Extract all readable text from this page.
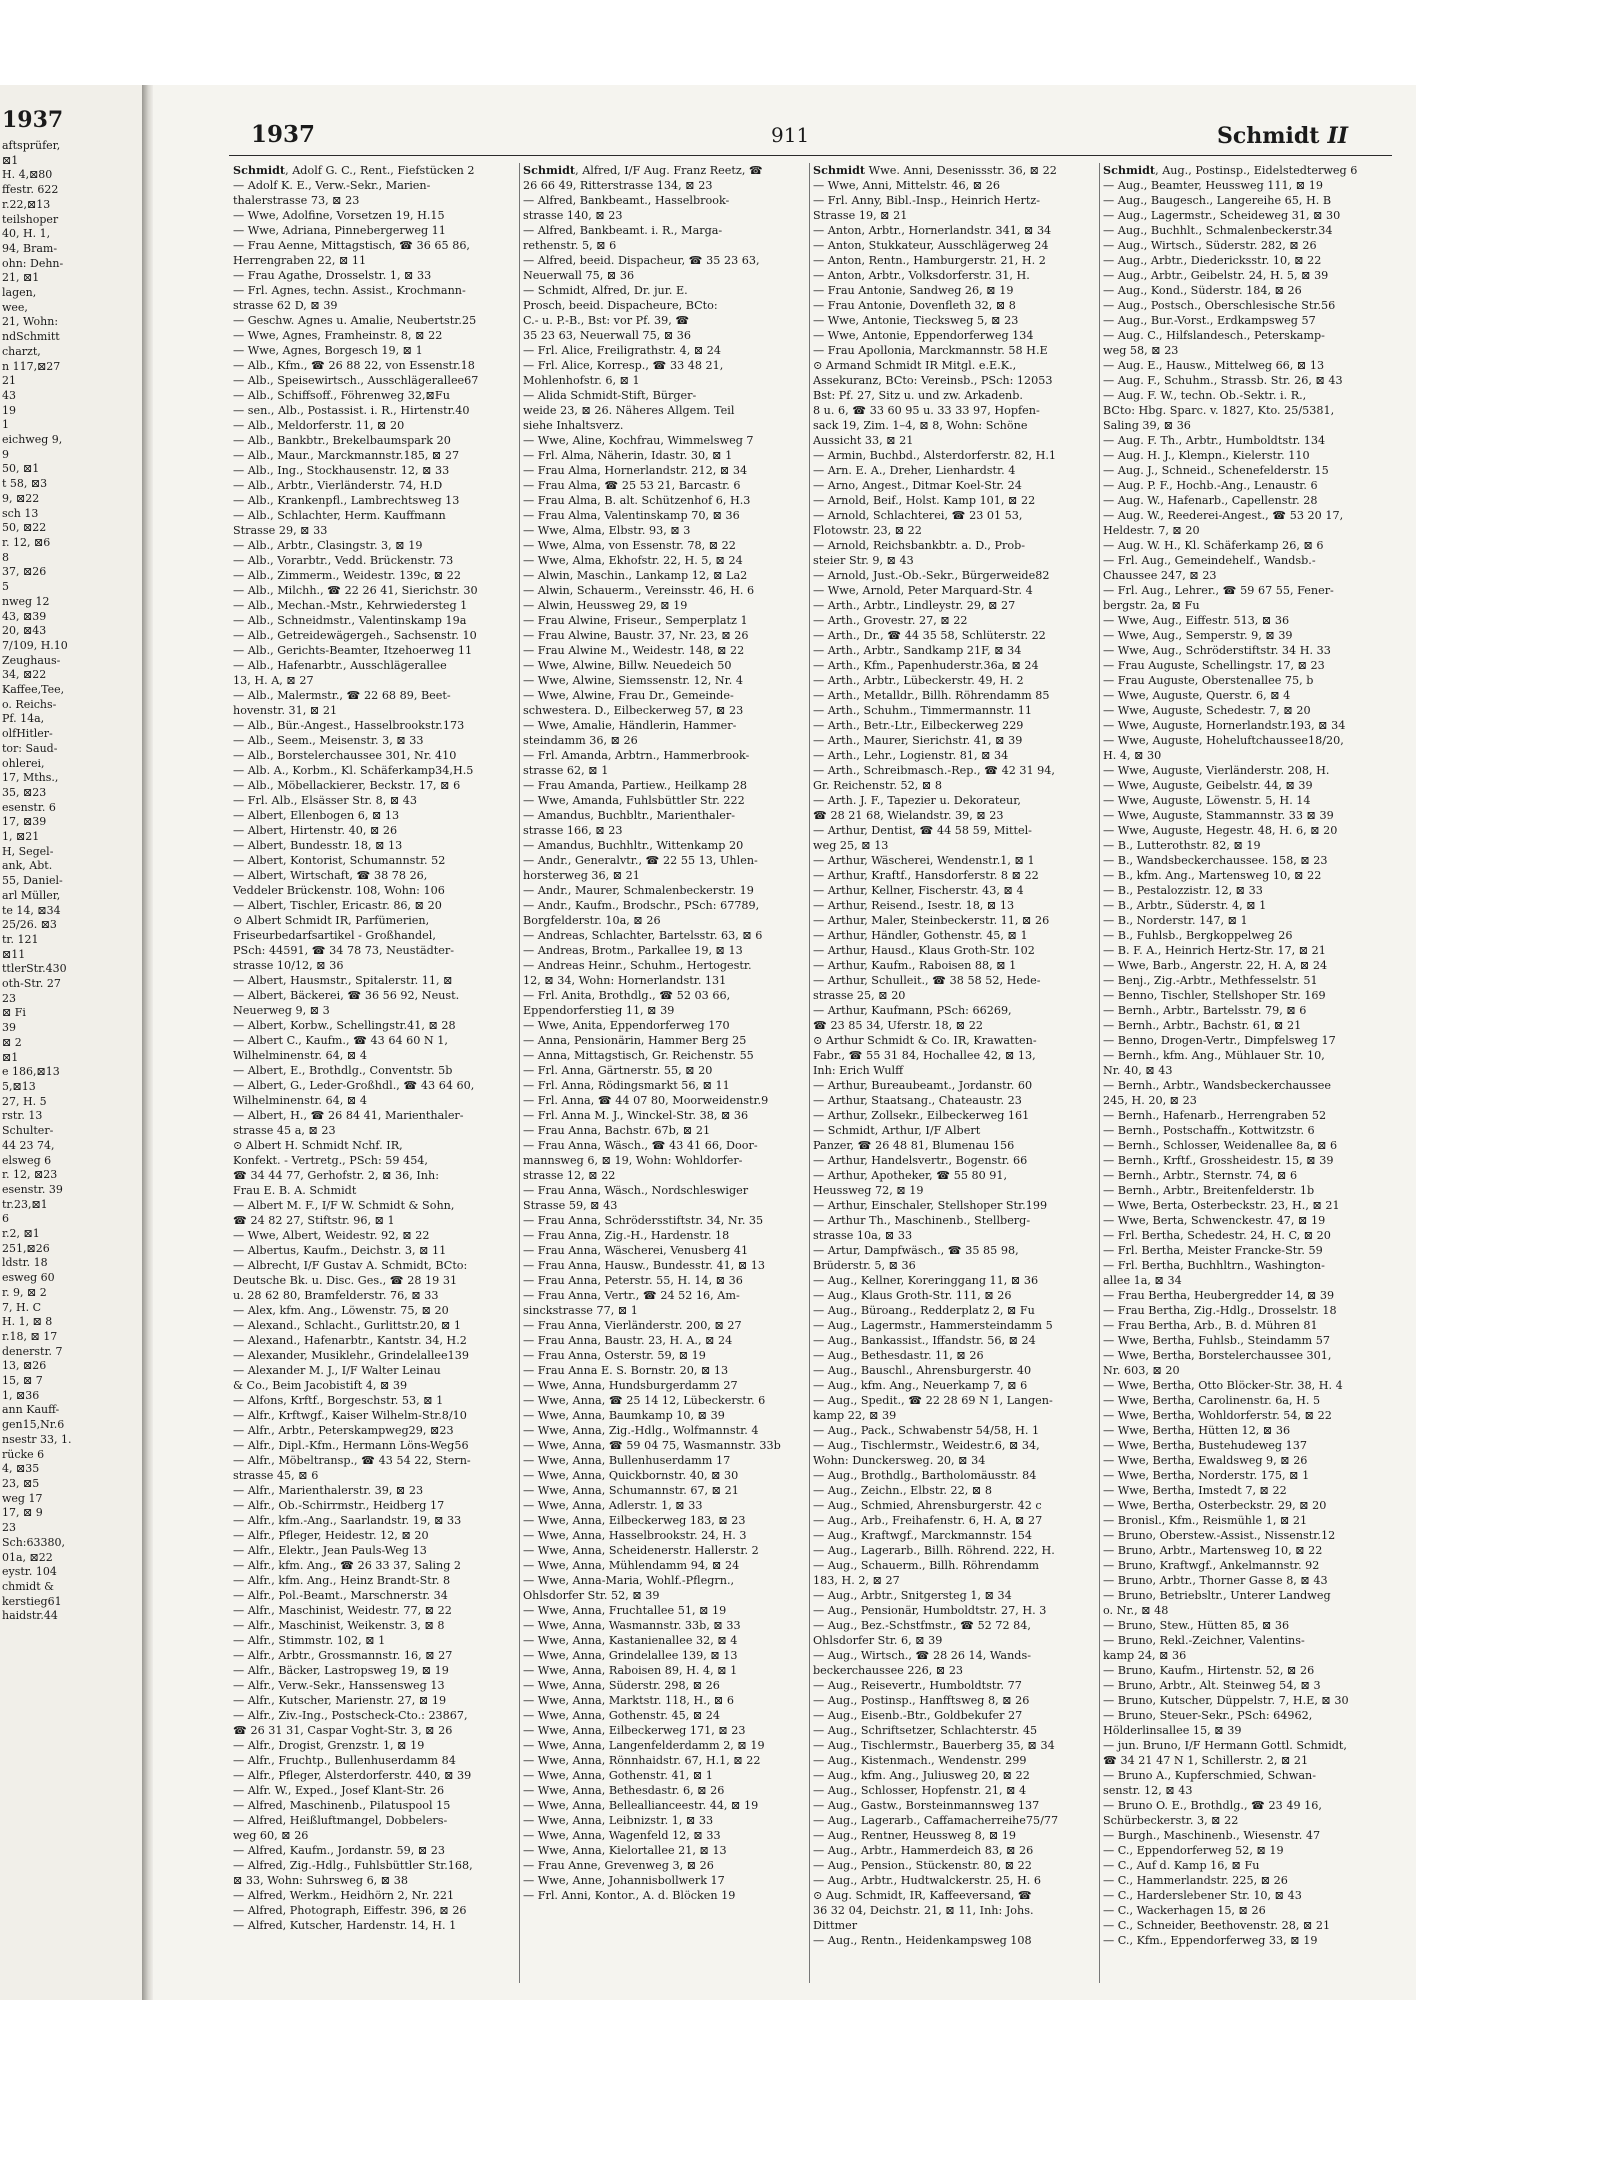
1937
aftsprüfer,
⊠1
H. 4,⊠80
ffestr. 622
r.22,⊠13
teilshoper
40, H. 1,
94, Bram-
ohn: Dehn-
21, ⊠1
lagen,
wee,
21, Wohn:
ndSchmitt
charzt,
n 117,⊠27
21
43
19
1
eichweg 9,
9
50, ⊠1
t 58, ⊠3
9, ⊠22
sch 13
50, ⊠22
r. 12, ⊠6
8
37, ⊠26
5
nweg 12
43, ⊠39
20, ⊠43
7/109, H.10
Zeughaus-
34, ⊠22
Kaffee,Tee,
o. Reichs-
Pf. 14a,
olfHitler-
tor: Saud-
ohlerei,
17, Mths.,
35, ⊠23
esenstr. 6
17, ⊠39
1, ⊠21
H, Segel-
ank, Abt.
55, Daniel-
arl Müller,
te 14, ⊠34
25/26. ⊠3
tr. 121
⊠11
ttlerStr.430
oth-Str. 27
23
⊠ Fi
39
⊠ 2
⊠1
e 186,⊠13
5,⊠13
27, H. 5
rstr. 13
Schulter-
44 23 74,
elsweg 6
r. 12, ⊠23
esenstr. 39
tr.23,⊠1
6
r.2, ⊠1
251,⊠26
ldstr. 18
esweg 60
r. 9, ⊠ 2
7, H. C
H. 1, ⊠ 8
r.18, ⊠ 17
denerstr. 7
13, ⊠26
15, ⊠ 7
1, ⊠36
ann Kauff-
gen15,Nr.6
nsestr 33, 1.
rücke 6
4, ⊠35
23, ⊠5
weg 17
17, ⊠ 9
23
Sch:63380,
01a, ⊠22
eystr. 104
chmidt &
kerstieg61
haidstr.44
1937	911	Schmidt II
Schmidt, Adolf G. C., Rent., Fiefstücken 2
— Adolf K. E., Verw.-Sekr., Marien-
thalerstrasse 73, ⊠ 23
— Wwe, Adolfine, Vorsetzen 19, H.15
— Wwe, Adriana, Pinnebergerweg 11
— Frau Aenne, Mittagstisch, ☎ 36 65 86,
Herrengraben 22, ⊠ 11
— Frau Agathe, Drosselstr. 1, ⊠ 33
— Frl. Agnes, techn. Assist., Krochmann-
strasse 62 D, ⊠ 39
— Geschw. Agnes u. Amalie, Neubertstr.25
— Wwe, Agnes, Framheinstr. 8, ⊠ 22
— Wwe, Agnes, Borgesch 19, ⊠ 1
— Alb., Kfm., ☎ 26 88 22, von Essenstr.18
— Alb., Speisewirtsch., Ausschlägerallee67
— Alb., Schiffsoff., Föhrenweg 32,⊠Fu
— sen., Alb., Postassist. i. R., Hirtenstr.40
— Alb., Meldorferstr. 11, ⊠ 20
— Alb., Bankbtr., Brekelbaumspark 20
— Alb., Maur., Marckmannstr.185, ⊠ 27
— Alb., Ing., Stockhausenstr. 12, ⊠ 33
— Alb., Arbtr., Vierländerstr. 74, H.D
— Alb., Krankenpfl., Lambrechtsweg 13
— Alb., Schlachter, Herm. Kauffmann
Strasse 29, ⊠ 33
— Alb., Arbtr., Clasingstr. 3, ⊠ 19
— Alb., Vorarbtr., Vedd. Brückenstr. 73
— Alb., Zimmerm., Weidestr. 139c, ⊠ 22
— Alb., Milchh., ☎ 22 26 41, Sierichstr. 30
— Alb., Mechan.-Mstr., Kehrwiedersteg 1
— Alb., Schneidmstr., Valentinskamp 19a
— Alb., Getreidewägergeh., Sachsenstr. 10
— Alb., Gerichts-Beamter, Itzehoerweg 11
— Alb., Hafenarbtr., Ausschlägerallee
13, H. A, ⊠ 27
— Alb., Malermstr., ☎ 22 68 89, Beet-
hovenstr. 31, ⊠ 21
— Alb., Bür.-Angest., Hasselbrookstr.173
— Alb., Seem., Meisenstr. 3, ⊠ 33
— Alb., Borstelerchaussee 301, Nr. 410
— Alb. A., Korbm., Kl. Schäferkamp34,H.5
— Alb., Möbellackierer, Beckstr. 17, ⊠ 6
— Frl. Alb., Elsässer Str. 8, ⊠ 43
— Albert, Ellenbogen 6, ⊠ 13
— Albert, Hirtenstr. 40, ⊠ 26
— Albert, Bundesstr. 18, ⊠ 13
— Albert, Kontorist, Schumannstr. 52
— Albert, Wirtschaft, ☎ 38 78 26,
Veddeler Brückenstr. 108, Wohn: 106
— Albert, Tischler, Ericastr. 86, ⊠ 20
⊙ Albert Schmidt IR, Parfümerien,
Friseurbedarfsartikel - Großhandel,
PSch: 44591, ☎ 34 78 73, Neustädter-
strasse 10/12, ⊠ 36
— Albert, Hausmstr., Spitalerstr. 11, ⊠
— Albert, Bäckerei, ☎ 36 56 92, Neust.
Neuerweg 9, ⊠ 3
— Albert, Korbw., Schellingstr.41, ⊠ 28
— Albert C., Kaufm., ☎ 43 64 60 N 1,
Wilhelminenstr. 64, ⊠ 4
— Albert, E., Brothdlg., Conventstr. 5b
— Albert, G., Leder-Großhdl., ☎ 43 64 60,
Wilhelminenstr. 64, ⊠ 4
— Albert, H., ☎ 26 84 41, Marienthaler-
strasse 45 a, ⊠ 23
⊙ Albert H. Schmidt Nchf. IR,
Konfekt. - Vertretg., PSch: 59 454,
☎ 34 44 77, Gerhofstr. 2, ⊠ 36, Inh:
Frau E. B. A. Schmidt
— Albert M. F., I/F W. Schmidt & Sohn,
☎ 24 82 27, Stiftstr. 96, ⊠ 1
— Wwe, Albert, Weidestr. 92, ⊠ 22
— Albertus, Kaufm., Deichstr. 3, ⊠ 11
— Albrecht, I/F Gustav A. Schmidt, BCto:
Deutsche Bk. u. Disc. Ges., ☎ 28 19 31
u. 28 62 80, Bramfelderstr. 76, ⊠ 33
— Alex, kfm. Ang., Löwenstr. 75, ⊠ 20
— Alexand., Schlacht., Gurlittstr.20, ⊠ 1
— Alexand., Hafenarbtr., Kantstr. 34, H.2
— Alexander, Musiklehr., Grindelallee139
— Alexander M. J., I/F Walter Leinau
& Co., Beim Jacobistift 4, ⊠ 39
— Alfons, Krftf., Borgeschstr. 53, ⊠ 1
— Alfr., Krftwgf., Kaiser Wilhelm-Str.8/10
— Alfr., Arbtr., Peterskampweg29, ⊠23
— Alfr., Dipl.-Kfm., Hermann Löns-Weg56
— Alfr., Möbeltransp., ☎ 43 54 22, Stern-
strasse 45, ⊠ 6
— Alfr., Marienthalerstr. 39, ⊠ 23
— Alfr., Ob.-Schirrmstr., Heidberg 17
— Alfr., kfm.-Ang., Saarlandstr. 19, ⊠ 33
— Alfr., Pfleger, Heidestr. 12, ⊠ 20
— Alfr., Elektr., Jean Pauls-Weg 13
— Alfr., kfm. Ang., ☎ 26 33 37, Saling 2
— Alfr., kfm. Ang., Heinz Brandt-Str. 8
— Alfr., Pol.-Beamt., Marschnerstr. 34
— Alfr., Maschinist, Weidestr. 77, ⊠ 22
— Alfr., Maschinist, Weikenstr. 3, ⊠ 8
— Alfr., Stimmstr. 102, ⊠ 1
— Alfr., Arbtr., Grossmannstr. 16, ⊠ 27
— Alfr., Bäcker, Lastropsweg 19, ⊠ 19
— Alfr., Verw.-Sekr., Hanssensweg 13
— Alfr., Kutscher, Marienstr. 27, ⊠ 19
— Alfr., Ziv.-Ing., Postscheck-Cto.: 23867,
☎ 26 31 31, Caspar Voght-Str. 3, ⊠ 26
— Alfr., Drogist, Grenzstr. 1, ⊠ 19
— Alfr., Fruchtp., Bullenhuserdamm 84
— Alfr., Pfleger, Alsterdorferstr. 440, ⊠ 39
— Alfr. W., Exped., Josef Klant-Str. 26
— Alfred, Maschinenb., Pilatuspool 15
— Alfred, Heißluftmangel, Dobbelers-
weg 60, ⊠ 26
— Alfred, Kaufm., Jordanstr. 59, ⊠ 23
— Alfred, Zig.-Hdlg., Fuhlsbüttler Str.168,
⊠ 33, Wohn: Suhrsweg 6, ⊠ 38
— Alfred, Werkm., Heidhörn 2, Nr. 221
— Alfred, Photograph, Eiffestr. 396, ⊠ 26
— Alfred, Kutscher, Hardenstr. 14, H. 1
Schmidt, Alfred, I/F Aug. Franz Reetz, ☎
26 66 49, Ritterstrasse 134, ⊠ 23
— Alfred, Bankbeamt., Hasselbrook-
strasse 140, ⊠ 23
— Alfred, Bankbeamt. i. R., Marga-
rethenstr. 5, ⊠ 6
— Alfred, beeid. Dispacheur, ☎ 35 23 63,
Neuerwall 75, ⊠ 36
— Schmidt, Alfred, Dr. jur. E.
Prosch, beeid. Dispacheure, BCto:
C.- u. P.-B., Bst: vor Pf. 39, ☎
35 23 63, Neuerwall 75, ⊠ 36
— Frl. Alice, Freiligrathstr. 4, ⊠ 24
— Frl. Alice, Korresp., ☎ 33 48 21,
Mohlenhofstr. 6, ⊠ 1
— Alida Schmidt-Stift, Bürger-
weide 23, ⊠ 26. Näheres Allgem. Teil
siehe Inhaltsverz.
— Wwe, Aline, Kochfrau, Wimmelsweg 7
— Frl. Alma, Näherin, Idastr. 30, ⊠ 1
— Frau Alma, Hornerlandstr. 212, ⊠ 34
— Frau Alma, ☎ 25 53 21, Barcastr. 6
— Frau Alma, B. alt. Schützenhof 6, H.3
— Frau Alma, Valentinskamp 70, ⊠ 36
— Wwe, Alma, Elbstr. 93, ⊠ 3
— Wwe, Alma, von Essenstr. 78, ⊠ 22
— Wwe, Alma, Ekhofstr. 22, H. 5, ⊠ 24
— Alwin, Maschin., Lankamp 12, ⊠ La2
— Alwin, Schauerm., Vereinsstr. 46, H. 6
— Alwin, Heussweg 29, ⊠ 19
— Frau Alwine, Friseur., Semperplatz 1
— Frau Alwine, Baustr. 37, Nr. 23, ⊠ 26
— Frau Alwine M., Weidestr. 148, ⊠ 22
— Wwe, Alwine, Billw. Neuedeich 50
— Wwe, Alwine, Siemssenstr. 12, Nr. 4
— Wwe, Alwine, Frau Dr., Gemeinde-
schwestera. D., Eilbeckerweg 57, ⊠ 23
— Wwe, Amalie, Händlerin, Hammer-
steindamm 36, ⊠ 26
— Frl. Amanda, Arbtrn., Hammerbrook-
strasse 62, ⊠ 1
— Frau Amanda, Partiew., Heilkamp 28
— Wwe, Amanda, Fuhlsbüttler Str. 222
— Amandus, Buchbltr., Marienthaler-
strasse 166, ⊠ 23
— Amandus, Buchhltr., Wittenkamp 20
— Andr., Generalvtr., ☎ 22 55 13, Uhlen-
horsterweg 36, ⊠ 21
— Andr., Maurer, Schmalenbeckerstr. 19
— Andr., Kaufm., Brodschr., PSch: 67789,
Borgfelderstr. 10a, ⊠ 26
— Andreas, Schlachter, Bartelsstr. 63, ⊠ 6
— Andreas, Brotm., Parkallee 19, ⊠ 13
— Andreas Heinr., Schuhm., Hertogestr.
12, ⊠ 34, Wohn: Hornerlandstr. 131
— Frl. Anita, Brothdlg., ☎ 52 03 66,
Eppendorferstieg 11, ⊠ 39
— Wwe, Anita, Eppendorferweg 170
— Anna, Pensionärin, Hammer Berg 25
— Anna, Mittagstisch, Gr. Reichenstr. 55
— Frl. Anna, Gärtnerstr. 55, ⊠ 20
— Frl. Anna, Rödingsmarkt 56, ⊠ 11
— Frl. Anna, ☎ 44 07 80, Moorweidenstr.9
— Frl. Anna M. J., Winckel-Str. 38, ⊠ 36
— Frau Anna, Bachstr. 67b, ⊠ 21
— Frau Anna, Wäsch., ☎ 43 41 66, Door-
mannsweg 6, ⊠ 19, Wohn: Wohldorfer-
strasse 12, ⊠ 22
— Frau Anna, Wäsch., Nordschleswiger
Strasse 59, ⊠ 43
— Frau Anna, Schrödersstiftstr. 34, Nr. 35
— Frau Anna, Zig.-H., Hardenstr. 18
— Frau Anna, Wäscherei, Venusberg 41
— Frau Anna, Hausw., Bundesstr. 41, ⊠ 13
— Frau Anna, Peterstr. 55, H. 14, ⊠ 36
— Frau Anna, Vertr., ☎ 24 52 16, Am-
sinckstrasse 77, ⊠ 1
— Frau Anna, Vierländerstr. 200, ⊠ 27
— Frau Anna, Baustr. 23, H. A., ⊠ 24
— Frau Anna, Osterstr. 59, ⊠ 19
— Frau Anna E. S. Bornstr. 20, ⊠ 13
— Wwe, Anna, Hundsburgerdamm 27
— Wwe, Anna, ☎ 25 14 12, Lübeckerstr. 6
— Wwe, Anna, Baumkamp 10, ⊠ 39
— Wwe, Anna, Zig.-Hdlg., Wolfmannstr. 4
— Wwe, Anna, ☎ 59 04 75, Wasmannstr. 33b
— Wwe, Anna, Bullenhuserdamm 17
— Wwe, Anna, Quickbornstr. 40, ⊠ 30
— Wwe, Anna, Schumannstr. 67, ⊠ 21
— Wwe, Anna, Adlerstr. 1, ⊠ 33
— Wwe, Anna, Eilbeckerweg 183, ⊠ 23
— Wwe, Anna, Hasselbrookstr. 24, H. 3
— Wwe, Anna, Scheidenerstr. Hallerstr. 2
— Wwe, Anna, Mühlendamm 94, ⊠ 24
— Wwe, Anna-Maria, Wohlf.-Pflegrn.,
Ohlsdorfer Str. 52, ⊠ 39
— Wwe, Anna, Fruchtallee 51, ⊠ 19
— Wwe, Anna, Wasmannstr. 33b, ⊠ 33
— Wwe, Anna, Kastanienallee 32, ⊠ 4
— Wwe, Anna, Grindelallee 139, ⊠ 13
— Wwe, Anna, Raboisen 89, H. 4, ⊠ 1
— Wwe, Anna, Süderstr. 298, ⊠ 26
— Wwe, Anna, Marktstr. 118, H., ⊠ 6
— Wwe, Anna, Gothenstr. 45, ⊠ 24
— Wwe, Anna, Eilbeckerweg 171, ⊠ 23
— Wwe, Anna, Langenfelderdamm 2, ⊠ 19
— Wwe, Anna, Rönnhaidstr. 67, H.1, ⊠ 22
— Wwe, Anna, Gothenstr. 41, ⊠ 1
— Wwe, Anna, Bethesdastr. 6, ⊠ 26
— Wwe, Anna, Belleallianceestr. 44, ⊠ 19
— Wwe, Anna, Leibnizstr. 1, ⊠ 33
— Wwe, Anna, Wagenfeld 12, ⊠ 33
— Wwe, Anna, Kielortallee 21, ⊠ 13
— Frau Anne, Grevenweg 3, ⊠ 26
— Wwe, Anne, Johannisbollwerk 17
— Frl. Anni, Kontor., A. d. Blöcken 19
Schmidt Wwe. Anni, Desenissstr. 36, ⊠ 22
— Wwe, Anni, Mittelstr. 46, ⊠ 26
— Frl. Anny, Bibl.-Insp., Heinrich Hertz-
Strasse 19, ⊠ 21
— Anton, Arbtr., Hornerlandstr. 341, ⊠ 34
— Anton, Stukkateur, Ausschlägerweg 24
— Anton, Rentn., Hamburgerstr. 21, H. 2
— Anton, Arbtr., Volksdorferstr. 31, H.
— Frau Antonie, Sandweg 26, ⊠ 19
— Frau Antonie, Dovenfleth 32, ⊠ 8
— Wwe, Antonie, Tiecksweg 5, ⊠ 23
— Wwe, Antonie, Eppendorferweg 134
— Frau Apollonia, Marckmannstr. 58 H.E
⊙ Armand Schmidt IR Mitgl. e.E.K.,
Assekuranz, BCto: Vereinsb., PSch: 12053
Bst: Pf. 27, Sitz u. und zw. Arkadenb.
8 u. 6, ☎ 33 60 95 u. 33 33 97, Hopfen-
sack 19, Zim. 1–4, ⊠ 8, Wohn: Schöne
Aussicht 33, ⊠ 21
— Armin, Buchbd., Alsterdorferstr. 82, H.1
— Arn. E. A., Dreher, Lienhardstr. 4
— Arno, Angest., Ditmar Koel-Str. 24
— Arnold, Beif., Holst. Kamp 101, ⊠ 22
— Arnold, Schlachterei, ☎ 23 01 53,
Flotowstr. 23, ⊠ 22
— Arnold, Reichsbankbtr. a. D., Prob-
steier Str. 9, ⊠ 43
— Arnold, Just.-Ob.-Sekr., Bürgerweide82
— Wwe, Arnold, Peter Marquard-Str. 4
— Arth., Arbtr., Lindleystr. 29, ⊠ 27
— Arth., Grovestr. 27, ⊠ 22
— Arth., Dr., ☎ 44 35 58, Schlüterstr. 22
— Arth., Arbtr., Sandkamp 21F, ⊠ 34
— Arth., Kfm., Papenhuderstr.36a, ⊠ 24
— Arth., Arbtr., Lübeckerstr. 49, H. 2
— Arth., Metalldr., Billh. Röhrendamm 85
— Arth., Schuhm., Timmermannstr. 11
— Arth., Betr.-Ltr., Eilbeckerweg 229
— Arth., Maurer, Sierichstr. 41, ⊠ 39
— Arth., Lehr., Logienstr. 81, ⊠ 34
— Arth., Schreibmasch.-Rep., ☎ 42 31 94,
Gr. Reichenstr. 52, ⊠ 8
— Arth. J. F., Tapezier u. Dekorateur,
☎ 28 21 68, Wielandstr. 39, ⊠ 23
— Arthur, Dentist, ☎ 44 58 59, Mittel-
weg 25, ⊠ 13
— Arthur, Wäscherei, Wendenstr.1, ⊠ 1
— Arthur, Kraftf., Hansdorferstr. 8 ⊠ 22
— Arthur, Kellner, Fischerstr. 43, ⊠ 4
— Arthur, Reisend., Isestr. 18, ⊠ 13
— Arthur, Maler, Steinbeckerstr. 11, ⊠ 26
— Arthur, Händler, Gothenstr. 45, ⊠ 1
— Arthur, Hausd., Klaus Groth-Str. 102
— Arthur, Kaufm., Raboisen 88, ⊠ 1
— Arthur, Schulleit., ☎ 38 58 52, Hede-
strasse 25, ⊠ 20
— Arthur, Kaufmann, PSch: 66269,
☎ 23 85 34, Uferstr. 18, ⊠ 22
⊙ Arthur Schmidt & Co. IR, Krawatten-
Fabr., ☎ 55 31 84, Hochallee 42, ⊠ 13,
Inh: Erich Wulff
— Arthur, Bureaubeamt., Jordanstr. 60
— Arthur, Staatsang., Chateaustr. 23
— Arthur, Zollsekr., Eilbeckerweg 161
— Schmidt, Arthur, I/F Albert
Panzer, ☎ 26 48 81, Blumenau 156
— Arthur, Handelsvertr., Bogenstr. 66
— Arthur, Apotheker, ☎ 55 80 91,
Heussweg 72, ⊠ 19
— Arthur, Einschaler, Stellshoper Str.199
— Arthur Th., Maschinenb., Stellberg-
strasse 10a, ⊠ 33
— Artur, Dampfwäsch., ☎ 35 85 98,
Brüderstr. 5, ⊠ 36
— Aug., Kellner, Koreringgang 11, ⊠ 36
— Aug., Klaus Groth-Str. 111, ⊠ 26
— Aug., Büroang., Redderplatz 2, ⊠ Fu
— Aug., Lagermstr., Hammersteindamm 5
— Aug., Bankassist., Iffandstr. 56, ⊠ 24
— Aug., Bethesdastr. 11, ⊠ 26
— Aug., Bauschl., Ahrensburgerstr. 40
— Aug., kfm. Ang., Neuerkamp 7, ⊠ 6
— Aug., Spedit., ☎ 22 28 69 N 1, Langen-
kamp 22, ⊠ 39
— Aug., Pack., Schwabenstr 54/58, H. 1
— Aug., Tischlermstr., Weidestr.6, ⊠ 34,
Wohn: Dunckersweg. 20, ⊠ 34
— Aug., Brothdlg., Bartholomäusstr. 84
— Aug., Zeichn., Elbstr. 22, ⊠ 8
— Aug., Schmied, Ahrensburgerstr. 42 c
— Aug., Arb., Freihafenstr. 6, H. A, ⊠ 27
— Aug., Kraftwgf., Marckmannstr. 154
— Aug., Lagerarb., Billh. Röhrend. 222, H.
— Aug., Schauerm., Billh. Röhrendamm
183, H. 2, ⊠ 27
— Aug., Arbtr., Snitgersteg 1, ⊠ 34
— Aug., Pensionär, Humboldtstr. 27, H. 3
— Aug., Bez.-Schstfmstr., ☎ 52 72 84,
Ohlsdorfer Str. 6, ⊠ 39
— Aug., Wirtsch., ☎ 28 26 14, Wands-
beckerchaussee 226, ⊠ 23
— Aug., Reisevertr., Humboldtstr. 77
— Aug., Postinsp., Hanfftsweg 8, ⊠ 26
— Aug., Eisenb.-Btr., Goldbekufer 27
— Aug., Schriftsetzer, Schlachterstr. 45
— Aug., Tischlermstr., Bauerberg 35, ⊠ 34
— Aug., Kistenmach., Wendenstr. 299
— Aug., kfm. Ang., Juliusweg 20, ⊠ 22
— Aug., Schlosser, Hopfenstr. 21, ⊠ 4
— Aug., Gastw., Borsteinmannsweg 137
— Aug., Lagerarb., Caffamacherreihe75/77
— Aug., Rentner, Heussweg 8, ⊠ 19
— Aug., Arbtr., Hammerdeich 83, ⊠ 26
— Aug., Pension., Stückenstr. 80, ⊠ 22
— Aug., Arbtr., Hudtwalckerstr. 25, H. 6
⊙ Aug. Schmidt, IR, Kaffeeversand, ☎
36 32 04, Deichstr. 21, ⊠ 11, Inh: Johs.
Dittmer
— Aug., Rentn., Heidenkampsweg 108
Schmidt, Aug., Postinsp., Eidelstedterweg 6
— Aug., Beamter, Heussweg 111, ⊠ 19
— Aug., Baugesch., Langereihe 65, H. B
— Aug., Lagermstr., Scheideweg 31, ⊠ 30
— Aug., Buchhlt., Schmalenbeckerstr.34
— Aug., Wirtsch., Süderstr. 282, ⊠ 26
— Aug., Arbtr., Diedericksstr. 10, ⊠ 22
— Aug., Arbtr., Geibelstr. 24, H. 5, ⊠ 39
— Aug., Kond., Süderstr. 184, ⊠ 26
— Aug., Postsch., Oberschlesische Str.56
— Aug., Bur.-Vorst., Erdkampsweg 57
— Aug. C., Hilfslandesch., Peterskamp-
weg 58, ⊠ 23
— Aug. E., Hausw., Mittelweg 66, ⊠ 13
— Aug. F., Schuhm., Strassb. Str. 26, ⊠ 43
— Aug. F. W., techn. Ob.-Sektr. i. R.,
BCto: Hbg. Sparc. v. 1827, Kto. 25/5381,
Saling 39, ⊠ 36
— Aug. F. Th., Arbtr., Humboldtstr. 134
— Aug. H. J., Klempn., Kielerstr. 110
— Aug. J., Schneid., Schenefelderstr. 15
— Aug. P. F., Hochb.-Ang., Lenaustr. 6
— Aug. W., Hafenarb., Capellenstr. 28
— Aug. W., Reederei-Angest., ☎ 53 20 17,
Heldestr. 7, ⊠ 20
— Aug. W. H., Kl. Schäferkamp 26, ⊠ 6
— Frl. Aug., Gemeindehelf., Wandsb.-
Chaussee 247, ⊠ 23
— Frl. Aug., Lehrer., ☎ 59 67 55, Fener-
bergstr. 2a, ⊠ Fu
— Wwe, Aug., Eiffestr. 513, ⊠ 36
— Wwe, Aug., Semperstr. 9, ⊠ 39
— Wwe, Aug., Schröderstiftstr. 34 H. 33
— Frau Auguste, Schellingstr. 17, ⊠ 23
— Frau Auguste, Oberstenallee 75, b
— Wwe, Auguste, Querstr. 6, ⊠ 4
— Wwe, Auguste, Schedestr. 7, ⊠ 20
— Wwe, Auguste, Hornerlandstr.193, ⊠ 34
— Wwe, Auguste, Hoheluftchaussee18/20,
H. 4, ⊠ 30
— Wwe, Auguste, Vierländerstr. 208, H.
— Wwe, Auguste, Geibelstr. 44, ⊠ 39
— Wwe, Auguste, Löwenstr. 5, H. 14
— Wwe, Auguste, Stammannstr. 33 ⊠ 39
— Wwe, Auguste, Hegestr. 48, H. 6, ⊠ 20
— B., Lutterothstr. 82, ⊠ 19
— B., Wandsbeckerchaussee. 158, ⊠ 23
— B., kfm. Ang., Martensweg 10, ⊠ 22
— B., Pestalozzistr. 12, ⊠ 33
— B., Arbtr., Süderstr. 4, ⊠ 1
— B., Norderstr. 147, ⊠ 1
— B., Fuhlsb., Bergkoppelweg 26
— B. F. A., Heinrich Hertz-Str. 17, ⊠ 21
— Wwe, Barb., Angerstr. 22, H. A, ⊠ 24
— Benj., Zig.-Arbtr., Methfesselstr. 51
— Benno, Tischler, Stellshoper Str. 169
— Bernh., Arbtr., Bartelsstr. 79, ⊠ 6
— Bernh., Arbtr., Bachstr. 61, ⊠ 21
— Benno, Drogen-Vertr., Dimpfelsweg 17
— Bernh., kfm. Ang., Mühlauer Str. 10,
Nr. 40, ⊠ 43
— Bernh., Arbtr., Wandsbeckerchaussee
245, H. 20, ⊠ 23
— Bernh., Hafenarb., Herrengraben 52
— Bernh., Postschaffn., Kottwitzstr. 6
— Bernh., Schlosser, Weidenallee 8a, ⊠ 6
— Bernh., Krftf., Grossheidestr. 15, ⊠ 39
— Bernh., Arbtr., Sternstr. 74, ⊠ 6
— Bernh., Arbtr., Breitenfelderstr. 1b
— Wwe, Berta, Osterbeckstr. 23, H., ⊠ 21
— Wwe, Berta, Schwenckestr. 47, ⊠ 19
— Frl. Bertha, Schedestr. 24, H. C, ⊠ 20
— Frl. Bertha, Meister Francke-Str. 59
— Frl. Bertha, Buchhltrn., Washington-
allee 1a, ⊠ 34
— Frau Bertha, Heubergredder 14, ⊠ 39
— Frau Bertha, Zig.-Hdlg., Drosselstr. 18
— Frau Bertha, Arb., B. d. Mühren 81
— Wwe, Bertha, Fuhlsb., Steindamm 57
— Wwe, Bertha, Borstelerchaussee 301,
Nr. 603, ⊠ 20
— Wwe, Bertha, Otto Blöcker-Str. 38, H. 4
— Wwe, Bertha, Carolinenstr. 6a, H. 5
— Wwe, Bertha, Wohldorferstr. 54, ⊠ 22
— Wwe, Bertha, Hütten 12, ⊠ 36
— Wwe, Bertha, Bustehudeweg 137
— Wwe, Bertha, Ewaldsweg 9, ⊠ 26
— Wwe, Bertha, Norderstr. 175, ⊠ 1
— Wwe, Bertha, Imstedt 7, ⊠ 22
— Wwe, Bertha, Osterbeckstr. 29, ⊠ 20
— Bronisl., Kfm., Reismühle 1, ⊠ 21
— Bruno, Oberstew.-Assist., Nissenstr.12
— Bruno, Arbtr., Martensweg 10, ⊠ 22
— Bruno, Kraftwgf., Ankelmannstr. 92
— Bruno, Arbtr., Thorner Gasse 8, ⊠ 43
— Bruno, Betriebsltr., Unterer Landweg
o. Nr., ⊠ 48
— Bruno, Stew., Hütten 85, ⊠ 36
— Bruno, Rekl.-Zeichner, Valentins-
kamp 24, ⊠ 36
— Bruno, Kaufm., Hirtenstr. 52, ⊠ 26
— Bruno, Arbtr., Alt. Steinweg 54, ⊠ 3
— Bruno, Kutscher, Düppelstr. 7, H.E, ⊠ 30
— Bruno, Steuer-Sekr., PSch: 64962,
Hölderlinsallee 15, ⊠ 39
— jun. Bruno, I/F Hermann Gottl. Schmidt,
☎ 34 21 47 N 1, Schillerstr. 2, ⊠ 21
— Bruno A., Kupferschmied, Schwan-
senstr. 12, ⊠ 43
— Bruno O. E., Brothdlg., ☎ 23 49 16,
Schürbeckerstr. 3, ⊠ 22
— Burgh., Maschinenb., Wiesenstr. 47
— C., Eppendorferweg 52, ⊠ 19
— C., Auf d. Kamp 16, ⊠ Fu
— C., Hammerlandstr. 225, ⊠ 26
— C., Harderslebener Str. 10, ⊠ 43
— C., Wackerhagen 15, ⊠ 26
— C., Schneider, Beethovenstr. 28, ⊠ 21
— C., Kfm., Eppendorferweg 33, ⊠ 19
